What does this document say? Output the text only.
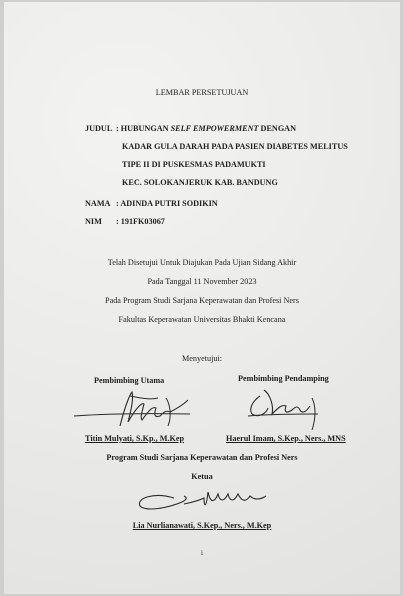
LEMBAR PERSETUJUAN
JUDUL : HUBUNGAN SELF EMPOWERMENT DENGAN
KADAR GULA DARAH PADA PASIEN DIABETES MELITUS
TIPE II DI PUSKESMAS PADAMUKTI
KEC. SOLOKANJERUK KAB. BANDUNG
NAMA : ADINDA PUTRI SODIKIN
NIM : 191FK03067
Telah Disetujui Untuk Diajukan Pada Ujian Sidang Akhir
Pada Tanggal 11 November 2023
Pada Program Studi Sarjana Keperawatan dan Profesi Ners
Fakultas Keperawatan Universitas Bhakti Kencana
Menyetujui:
Pembimbing Utama	Pembimbing Pendamping
Titin Mulyati, S.Kp., M.Kep	Haerul Imam, S.Kep., Ners., MNS
Program Studi Sarjana Keperawatan dan Profesi Ners
Ketua
Lia Nurlianawati, S.Kep., Ners., M.Kep
i
